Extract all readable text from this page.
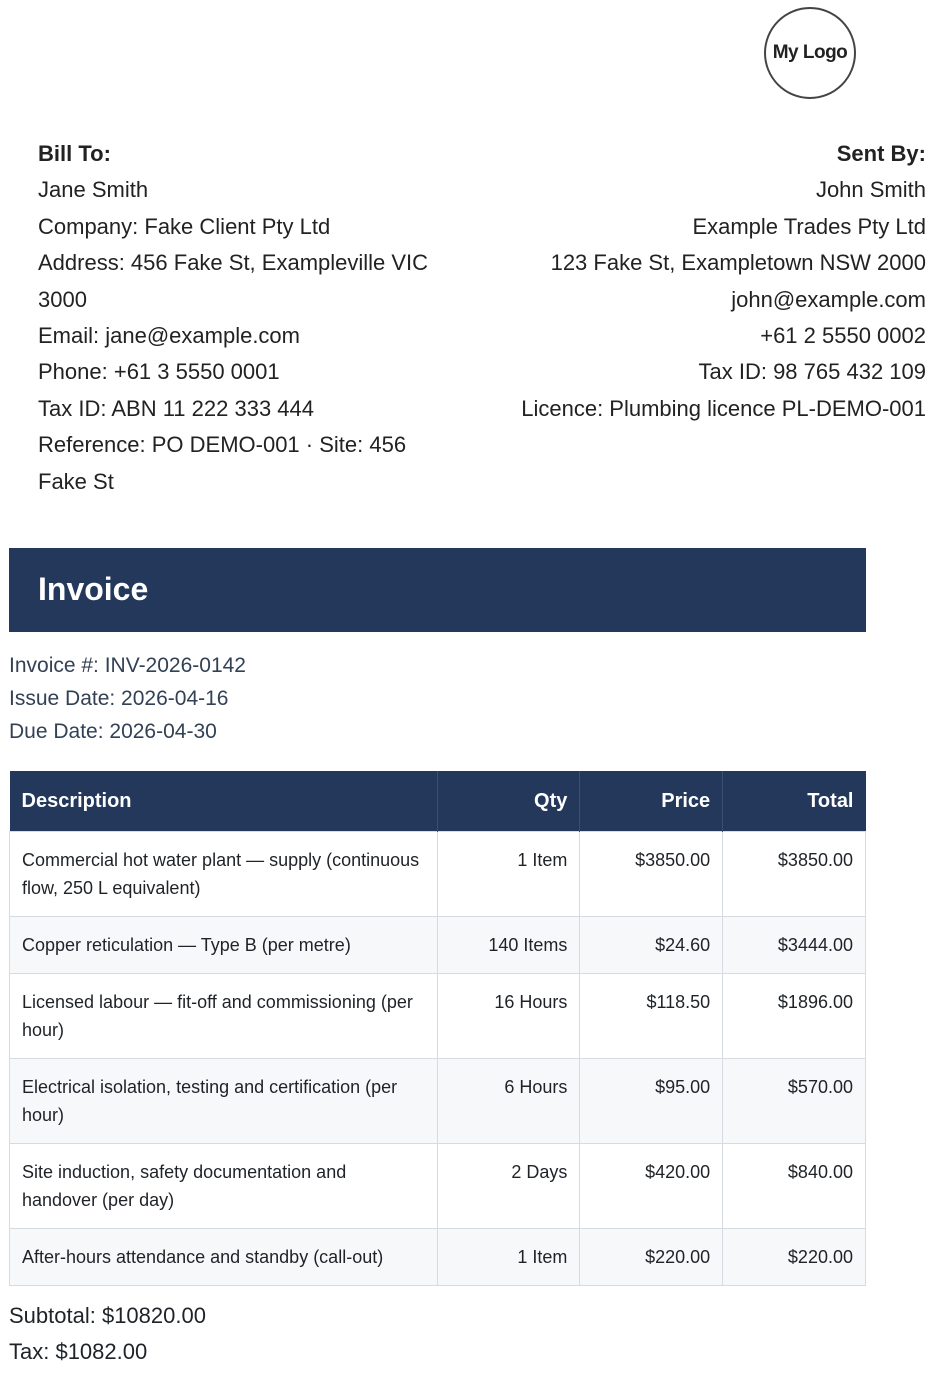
My Logo
Bill To:
Jane Smith
Company: Fake Client Pty Ltd
Address: 456 Fake St, Exampleville VIC 3000
Email: jane@example.com
Phone: +61 3 5550 0001
Tax ID: ABN 11 222 333 444
Reference: PO DEMO-001 · Site: 456 Fake St
Sent By:
John Smith
Example Trades Pty Ltd
123 Fake St, Exampletown NSW 2000
john@example.com
+61 2 5550 0002
Tax ID: 98 765 432 109
Licence: Plumbing licence PL-DEMO-001
Invoice
Invoice #: INV-2026-0142
Issue Date: 2026-04-16
Due Date: 2026-04-30
Description	Qty	Price	Total
Commercial hot water plant — supply (continuous flow, 250 L equivalent)	1 Item	$3850.00	$3850.00
Copper reticulation — Type B (per metre)	140 Items	$24.60	$3444.00
Licensed labour — fit-off and commissioning (per hour)	16 Hours	$118.50	$1896.00
Electrical isolation, testing and certification (per hour)	6 Hours	$95.00	$570.00
Site induction, safety documentation and handover (per day)	2 Days	$420.00	$840.00
After-hours attendance and standby (call-out)	1 Item	$220.00	$220.00
Subtotal: $10820.00
Tax: $1082.00
